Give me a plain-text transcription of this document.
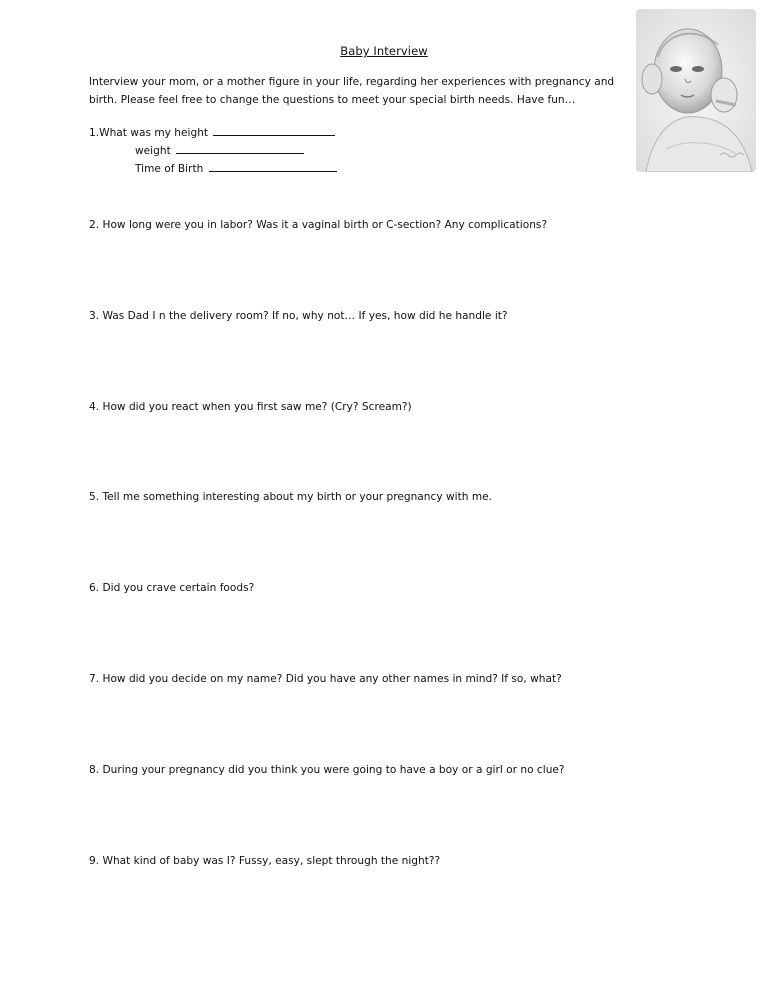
Baby Interview
Interview your mom, or a mother figure in your life, regarding her experiences with pregnancy and birth. Please feel free to change the questions to meet your special birth needs. Have fun…
1.What was my height
weight
Time of Birth
2. How long were you in labor? Was it a vaginal birth or C-section? Any complications?
3. Was Dad I n the delivery room? If no, why not… If yes, how did he handle it?
4. How did you react when you first saw me? (Cry? Scream?)
5. Tell me something interesting about my birth or your pregnancy with me.
6. Did you crave certain foods?
7. How did you decide on my name? Did you have any other names in mind? If so, what?
8. During your pregnancy did you think you were going to have a boy or a girl or no clue?
9. What kind of baby was I? Fussy, easy, slept through the night??
